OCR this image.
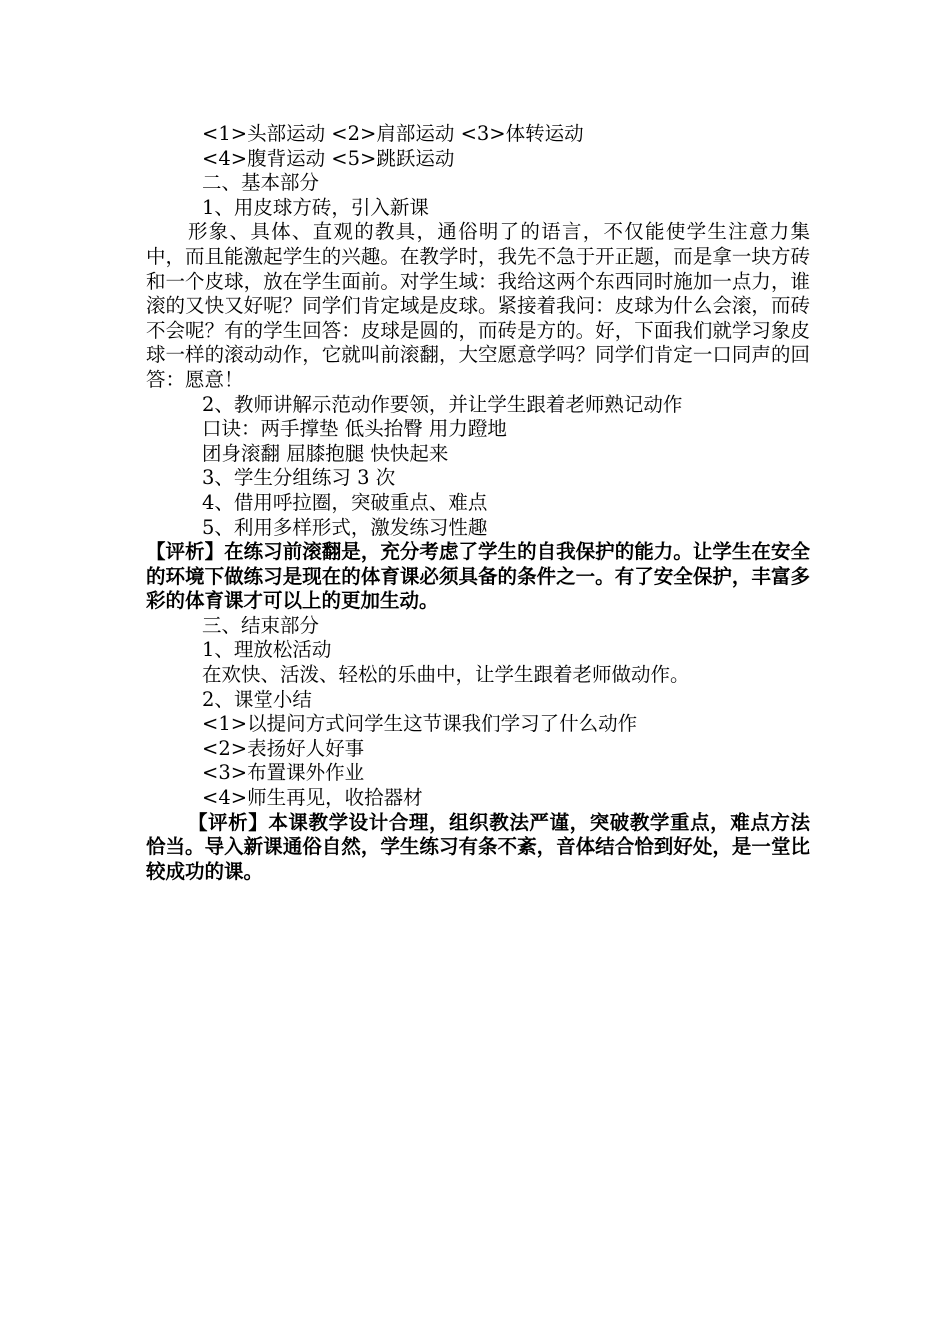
<1>头部运动 <2>肩部运动 <3>体转运动
<4>腹背运动 <5>跳跃运动
二、基本部分
1、用皮球方砖，引入新课

形象、具体、直观的教具，通俗明了的语言，不仅能使学生注意力集中，而且能激起学生的兴趣。在教学时，我先不急于开正题，而是拿一块方砖和一个皮球，放在学生面前。对学生域：我给这两个东西同时施加一点力，谁滚的又快又好呢？同学们肯定域是皮球。紧接着我问：皮球为什么会滚，而砖不会呢？有的学生回答：皮球是圆的，而砖是方的。好，下面我们就学习象皮球一样的滚动动作，它就叫前滚翻，大空愿意学吗？同学们肯定一口同声的回答：愿意！

2、教师讲解示范动作要领，并让学生跟着老师熟记动作
口诀：两手撑垫 低头抬臀 用力蹬地
团身滚翻 屈膝抱腿 快快起来
3、学生分组练习 3 次
4、借用呼拉圈，突破重点、难点
5、利用多样形式，激发练习性趣

【评析】在练习前滚翻是，充分考虑了学生的自我保护的能力。让学生在安全的环境下做练习是现在的体育课必须具备的条件之一。有了安全保护，丰富多彩的体育课才可以上的更加生动。

三、结束部分
1、理放松活动
在欢快、活泼、轻松的乐曲中，让学生跟着老师做动作。
2、课堂小结
<1>以提问方式问学生这节课我们学习了什么动作
<2>表扬好人好事
<3>布置课外作业
<4>师生再见，收拾器材

【评析】本课教学设计合理，组织教法严谨，突破教学重点，难点方法恰当。导入新课通俗自然，学生练习有条不紊，音体结合恰到好处，是一堂比较成功的课。
